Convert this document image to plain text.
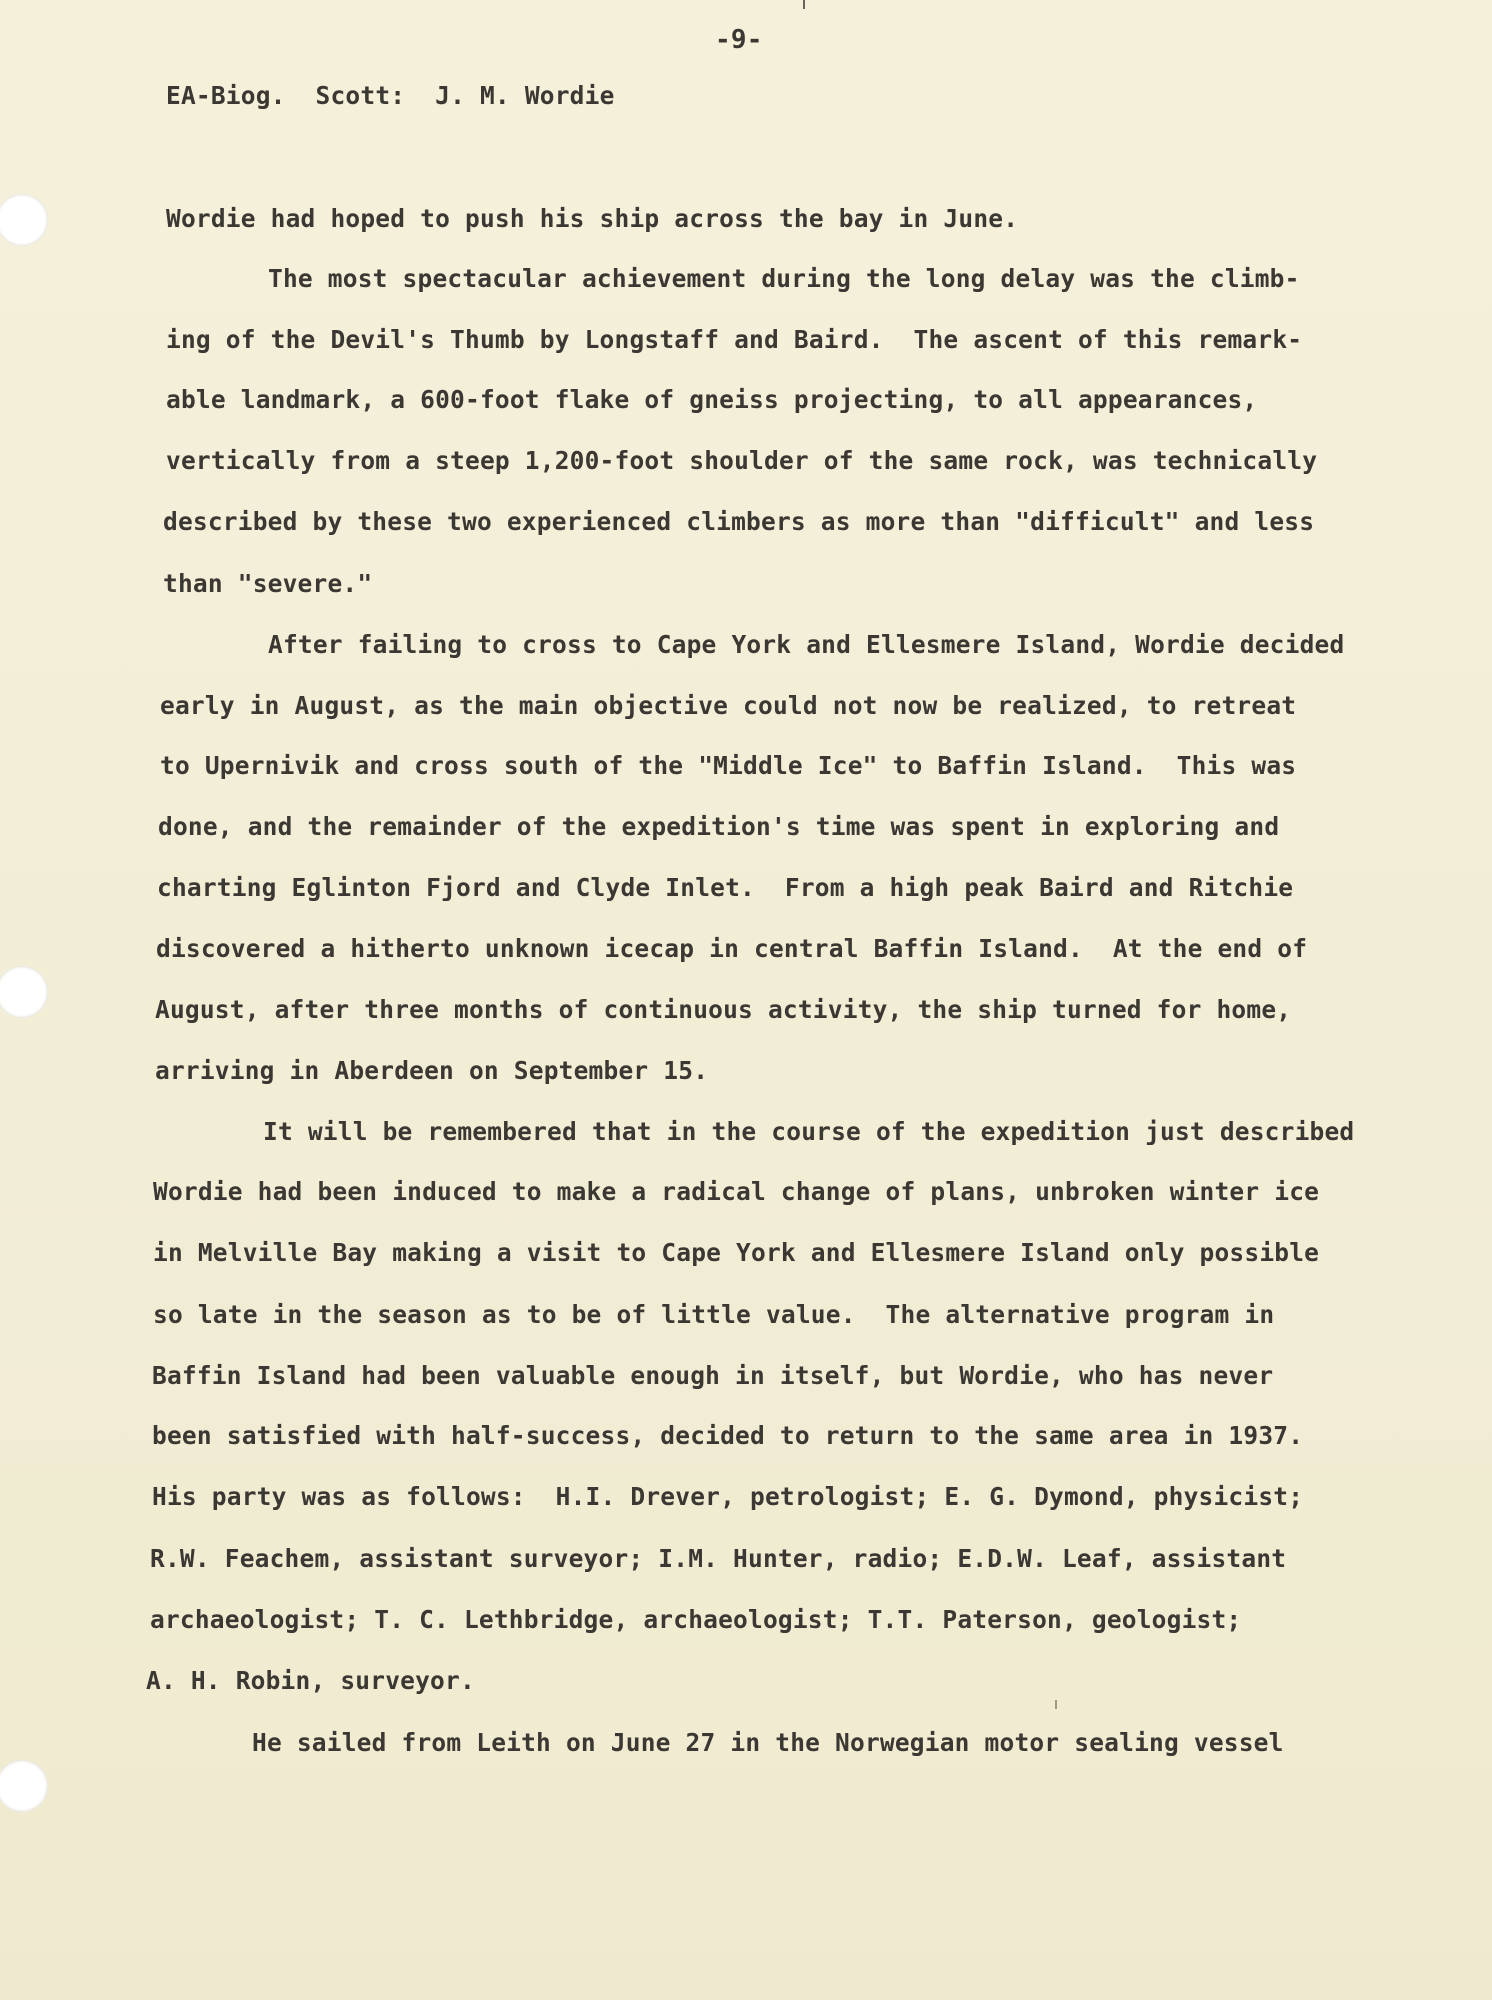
-9-
EA-Biog. Scott: J. M. Wordie
Wordie had hoped to push his ship across the bay in June.
The most spectacular achievement during the long delay was the climb-
ing of the Devil's Thumb by Longstaff and Baird.  The ascent of this remark-
able landmark, a 600-foot flake of gneiss projecting, to all appearances,
vertically from a steep 1,200-foot shoulder of the same rock, was technically
described by these two experienced climbers as more than "difficult" and less
than "severe."
After failing to cross to Cape York and Ellesmere Island, Wordie decided
early in August, as the main objective could not now be realized, to retreat
to Upernivik and cross south of the "Middle Ice" to Baffin Island.  This was
done, and the remainder of the expedition's time was spent in exploring and
charting Eglinton Fjord and Clyde Inlet.  From a high peak Baird and Ritchie
discovered a hitherto unknown icecap in central Baffin Island.  At the end of
August, after three months of continuous activity, the ship turned for home,
arriving in Aberdeen on September 15.
It will be remembered that in the course of the expedition just described
Wordie had been induced to make a radical change of plans, unbroken winter ice
in Melville Bay making a visit to Cape York and Ellesmere Island only possible
so late in the season as to be of little value.  The alternative program in
Baffin Island had been valuable enough in itself, but Wordie, who has never
been satisfied with half-success, decided to return to the same area in 1937.
His party was as follows:  H.I. Drever, petrologist; E. G. Dymond, physicist;
R.W. Feachem, assistant surveyor; I.M. Hunter, radio; E.D.W. Leaf, assistant
archaeologist; T. C. Lethbridge, archaeologist; T.T. Paterson, geologist;
A. H. Robin, surveyor.
He sailed from Leith on June 27 in the Norwegian motor sealing vessel
